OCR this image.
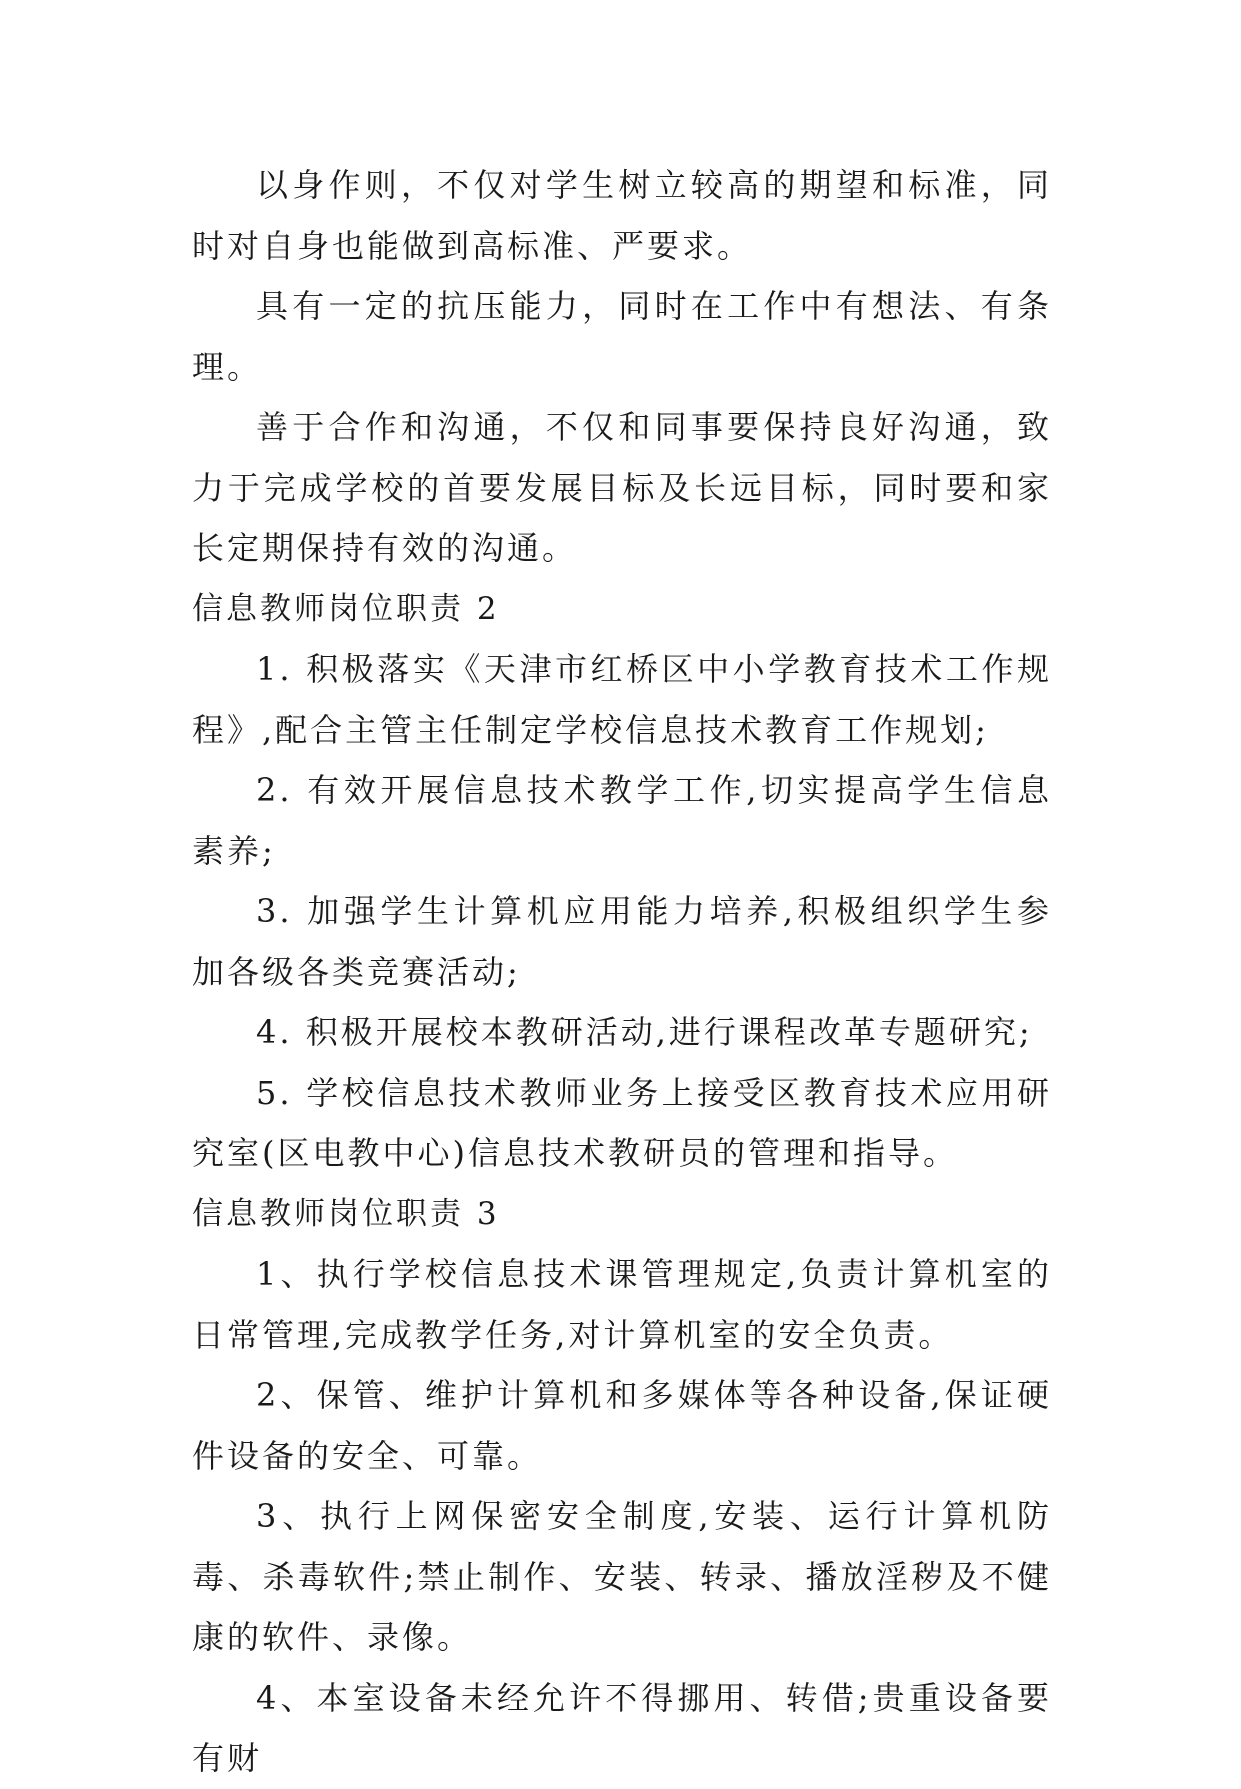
以身作则，不仅对学生树立较高的期望和标准，同时对自身也能做到高标准、严要求。

具有一定的抗压能力，同时在工作中有想法、有条理。

善于合作和沟通，不仅和同事要保持良好沟通，致力于完成学校的首要发展目标及长远目标，同时要和家长定期保持有效的沟通。

信息教师岗位职责 2

1. 积极落实《天津市红桥区中小学教育技术工作规程》,配合主管主任制定学校信息技术教育工作规划;

2. 有效开展信息技术教学工作,切实提高学生信息素养;

3. 加强学生计算机应用能力培养,积极组织学生参加各级各类竞赛活动;

4. 积极开展校本教研活动,进行课程改革专题研究;

5. 学校信息技术教师业务上接受区教育技术应用研究室(区电教中心)信息技术教研员的管理和指导。

信息教师岗位职责 3

1、执行学校信息技术课管理规定,负责计算机室的日常管理,完成教学任务,对计算机室的安全负责。

2、保管、维护计算机和多媒体等各种设备,保证硬件设备的安全、可靠。

3、执行上网保密安全制度,安装、运行计算机防毒、杀毒软件;禁止制作、安装、转录、播放淫秽及不健康的软件、录像。

4、本室设备未经允许不得挪用、转借;贵重设备要有财
